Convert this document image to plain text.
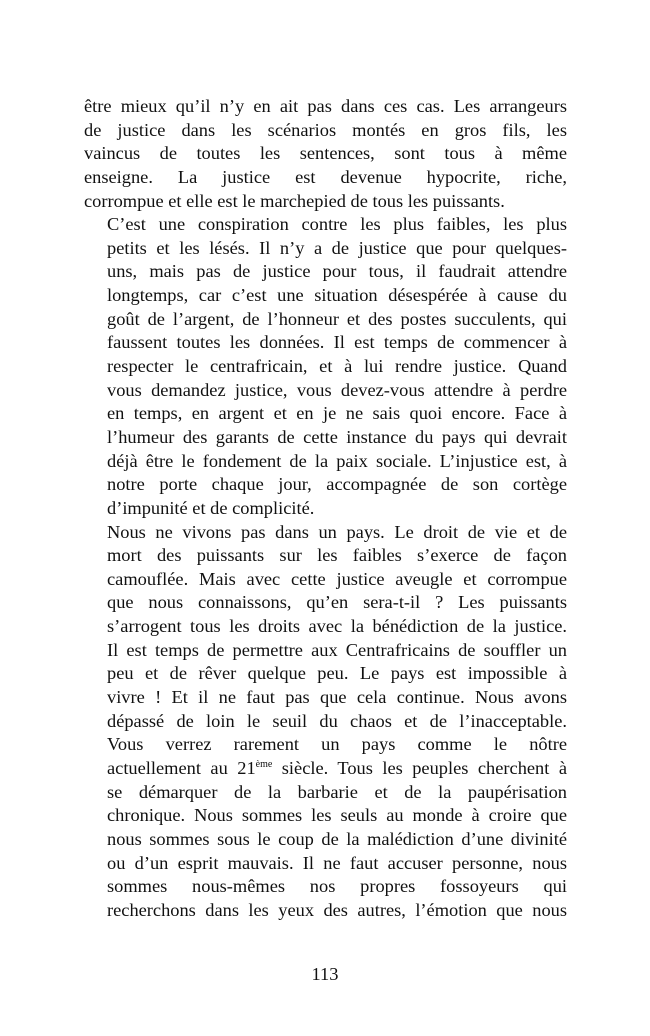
être mieux qu’il n’y en ait pas dans ces cas. Les arrangeurs
de justice dans les scénarios montés en gros fils, les
vaincus de toutes les sentences, sont tous à même
enseigne. La justice est devenue hypocrite, riche,
corrompue et elle est le marchepied de tous les puissants.

C’est une conspiration contre les plus faibles, les plus
petits et les lésés. Il n’y a de justice que pour quelques-
uns, mais pas de justice pour tous, il faudrait attendre
longtemps, car c’est une situation désespérée à cause du
goût de l’argent, de l’honneur et des postes succulents, qui
faussent toutes les données. Il est temps de commencer à
respecter le centrafricain, et à lui rendre justice. Quand
vous demandez justice, vous devez-vous attendre à perdre
en temps, en argent et en je ne sais quoi encore. Face à
l’humeur des garants de cette instance du pays qui devrait
déjà être le fondement de la paix sociale. L’injustice est, à
notre porte chaque jour, accompagnée de son cortège
d’impunité et de complicité.

Nous ne vivons pas dans un pays. Le droit de vie et de
mort des puissants sur les faibles s’exerce de façon
camouflée. Mais avec cette justice aveugle et corrompue
que nous connaissons, qu’en sera-t-il ? Les puissants
s’arrogent tous les droits avec la bénédiction de la justice.
Il est temps de permettre aux Centrafricains de souffler un
peu et de rêver quelque peu. Le pays est impossible à
vivre ! Et il ne faut pas que cela continue. Nous avons
dépassé de loin le seuil du chaos et de l’inacceptable.
Vous verrez rarement un pays comme le nôtre
actuellement au 21ème siècle. Tous les peuples cherchent à
se démarquer de la barbarie et de la paupérisation
chronique. Nous sommes les seuls au monde à croire que
nous sommes sous le coup de la malédiction d’une divinité
ou d’un esprit mauvais. Il ne faut accuser personne, nous
sommes nous-mêmes nos propres fossoyeurs qui
recherchons dans les yeux des autres, l’émotion que nous

113
